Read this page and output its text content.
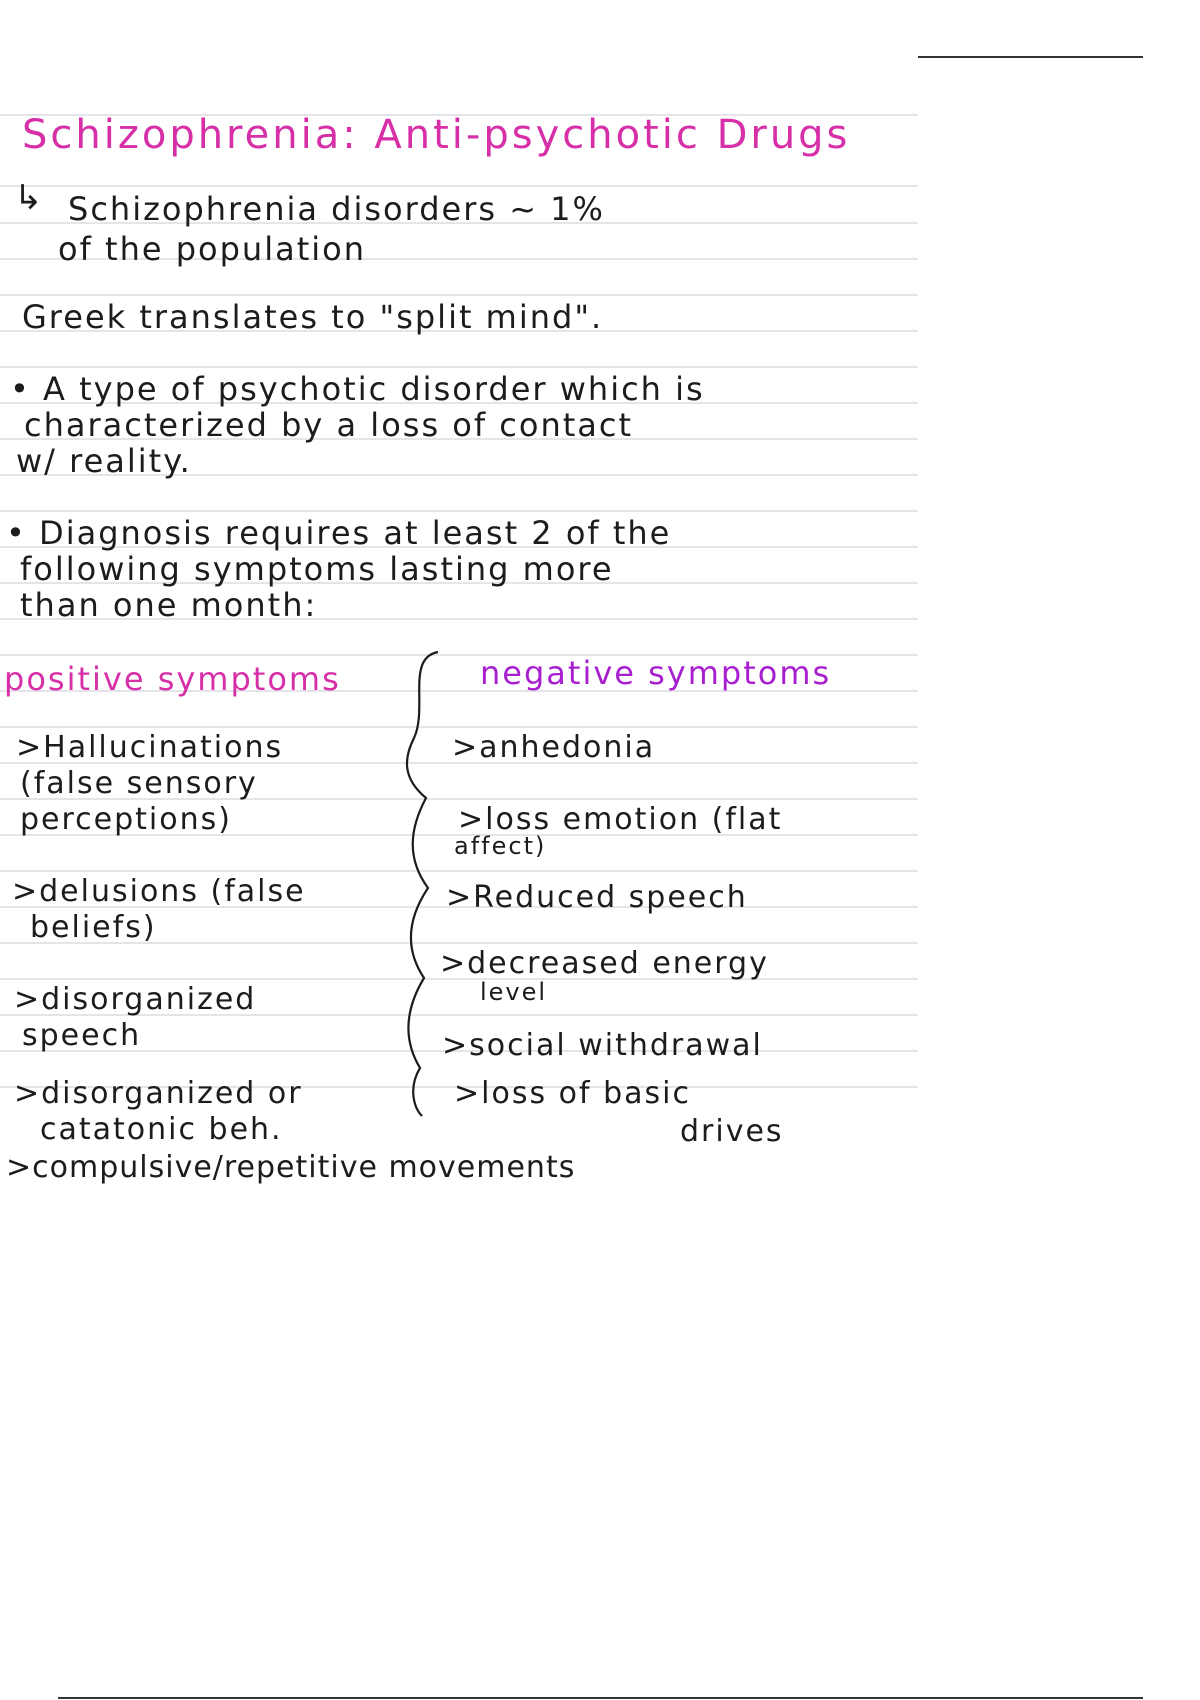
Schizophrenia: Anti-psychotic Drugs
↳ Schizophrenia disorders ~ 1%
of the population
Greek translates to "split mind".
• A type of psychotic disorder which is
characterized by a loss of contact
w/ reality.
• Diagnosis requires at least 2 of the
following symptoms lasting more
than one month:
positive symptoms	negative symptoms
>Hallucinations
(false sensory
perceptions)
>delusions (false
beliefs)
>disorganized
speech
>disorganized or
catatonic beh.
>compulsive/repetitive movements
>anhedonia
>loss emotion (flat
affect)
>Reduced speech
>decreased energy
level
>social withdrawal
>loss of basic
drives
